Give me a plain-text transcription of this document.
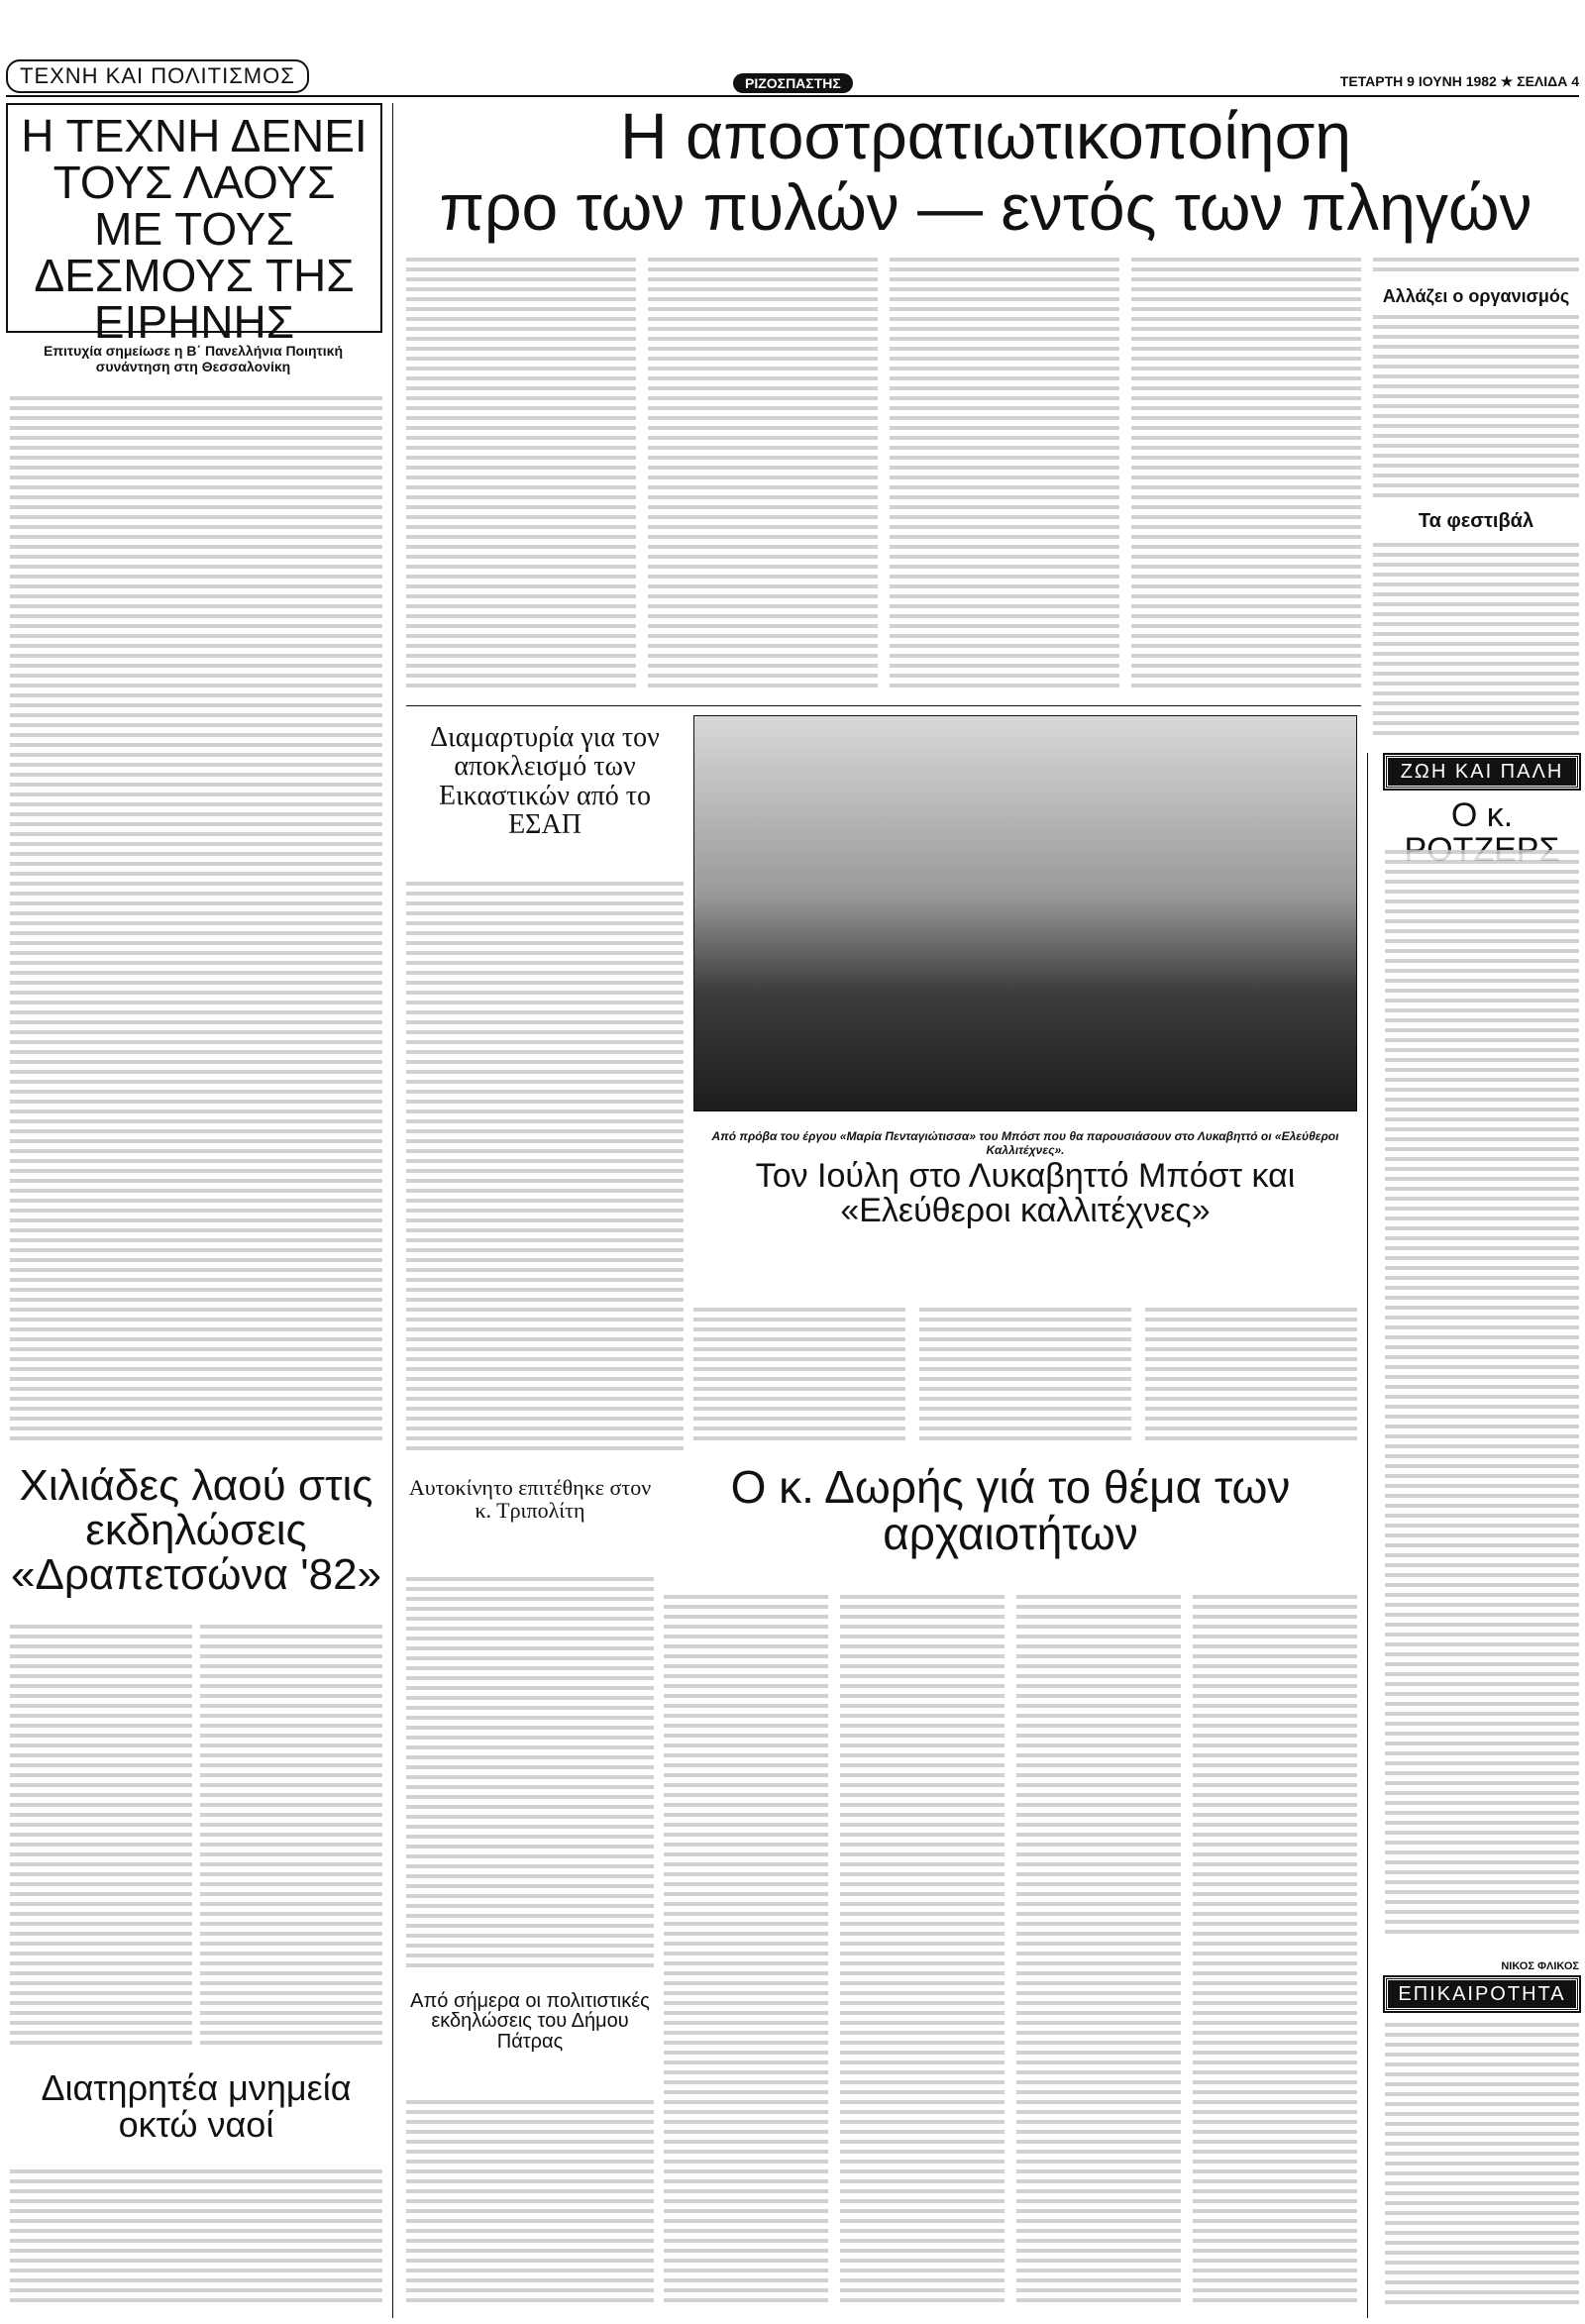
ΤΕΧΝΗ ΚΑΙ ΠΟΛΙΤΙΣΜΟΣ	ΡΙΖΟΣΠΑΣΤΗΣ	ΤΕΤΑΡΤΗ 9 ΙΟΥΝΗ 1982 ★ ΣΕΛΙΔΑ 4

Η ΤΕΧΝΗ ΔΕΝΕΙ ΤΟΥΣ ΛΑΟΥΣ ΜΕ ΤΟΥΣ ΔΕΣΜΟΥΣ ΤΗΣ ΕΙΡΗΝΗΣ

Επιτυχία σημείωσε η Β΄ Πανελλήνια Ποιητική συνάντηση στη Θεσσαλονίκη

Χιλιάδες λαού στις εκδηλώσεις «Δραπετσώνα '82»

Διατηρητέα μνημεία οκτώ ναοί

Η αποστρατιωτικοποίηση

προ των πυλών — εντός των πληγών

Αλλάζει ο οργανισμός

Τα φεστιβάλ

Διαμαρτυρία για τον αποκλεισμό των Εικαστικών από το ΕΣΑΠ

Από πρόβα του έργου «Μαρία Πενταγιώτισσα» του Μπόστ που θα παρουσιάσουν στο Λυκαβηττό οι «Ελεύθεροι Καλλιτέχνες».

Τον Ιούλη στο Λυκαβηττό Μπόστ και «Ελεύθεροι καλλιτέχνες»

Αυτοκίνητο επιτέθηκε στον κ. Τριπολίτη	Ο κ. Δωρής γιά το θέμα των αρχαιοτήτων

Από σήμερα οι πολιτιστικές εκδηλώσεις του Δήμου Πάτρας

ΖΩΗ ΚΑΙ ΠΑΛΗ

Ο κ.

ΝΙΚΟΣ ΦΛΙΚΟΣ

ΕΠΙΚΑΙΡΟΤΗΤΑ
